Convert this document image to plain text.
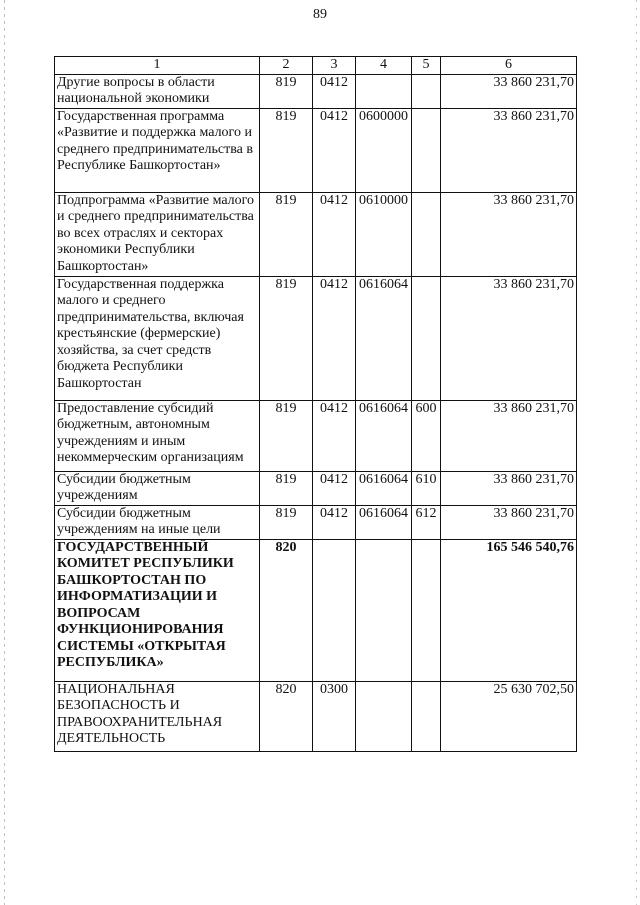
89
1	2	3	4	5	6
Другие вопросы в области национальной экономики	819	0412			33 860 231,70
Государственная программа «Развитие и поддержка малого и среднего предпринимательства в Республике Башкортостан»	819	0412	0600000		33 860 231,70
Подпрограмма «Развитие малого и среднего предпринимательства во всех отраслях и секторах экономики Республики Башкортостан»	819	0412	0610000		33 860 231,70
Государственная поддержка малого и среднего предпринимательства, включая крестьянские (фермерские) хозяйства, за счет средств бюджета Республики Башкортостан	819	0412	0616064		33 860 231,70
Предоставление субсидий бюджетным, автономным учреждениям и иным некоммерческим организациям	819	0412	0616064	600	33 860 231,70
Субсидии бюджетным учреждениям	819	0412	0616064	610	33 860 231,70
Субсидии бюджетным учреждениям на иные цели	819	0412	0616064	612	33 860 231,70
ГОСУДАРСТВЕННЫЙ КОМИТЕТ РЕСПУБЛИКИ БАШКОРТОСТАН ПО ИНФОРМАТИЗАЦИИ И ВОПРОСАМ ФУНКЦИОНИРОВАНИЯ СИСТЕМЫ «ОТКРЫТАЯ РЕСПУБЛИКА»	820				165 546 540,76
НАЦИОНАЛЬНАЯ БЕЗОПАСНОСТЬ И ПРАВООХРАНИТЕЛЬНАЯ ДЕЯТЕЛЬНОСТЬ	820	0300			25 630 702,50
